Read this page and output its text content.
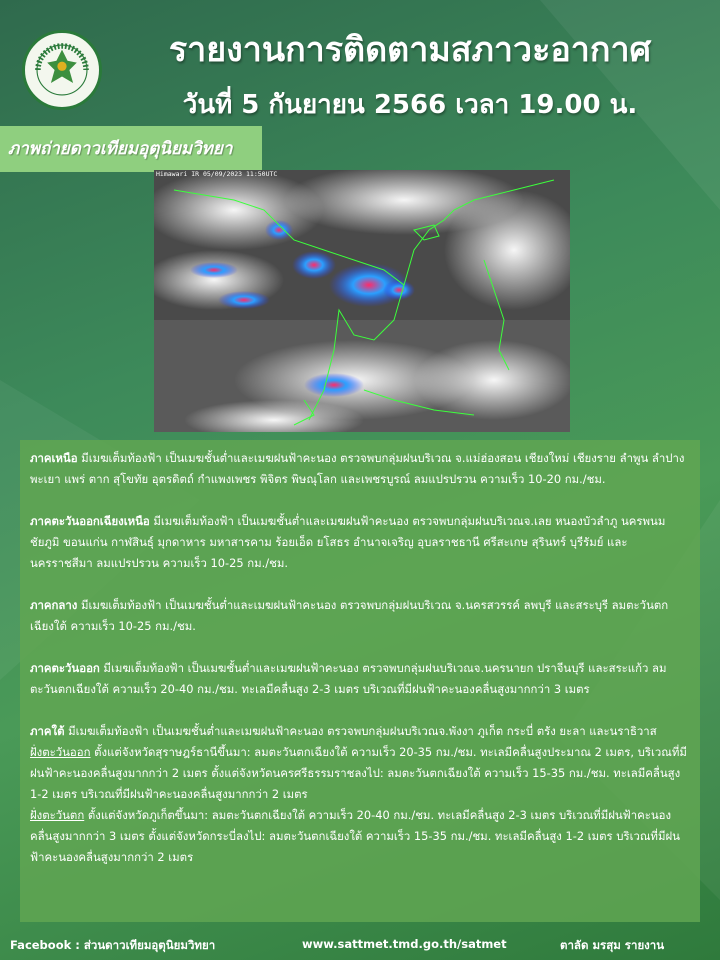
รายงานการติดตามสภาวะอากาศ
วันที่ 5 กันยายน 2566 เวลา 19.00 น.
ภาพถ่ายดาวเทียมอุตุนิยมวิทยา
Himawari IR 05/09/2023 11:50UTC

ภาคเหนือ มีเมฆเต็มท้องฟ้า เป็นเมฆชั้นต่ำและเมฆฝนฟ้าคะนอง ตรวจพบกลุ่มฝนบริเวณ จ.แม่ฮ่องสอน เชียงใหม่ เชียงราย ลำพูน ลำปาง พะเยา แพร่ ตาก สุโขทัย อุตรดิตถ์ กำแพงเพชร พิจิตร พิษณุโลก และเพชรบูรณ์ ลมแปรปรวน ความเร็ว 10-20 กม./ชม.

ภาคตะวันออกเฉียงเหนือ มีเมฆเต็มท้องฟ้า เป็นเมฆชั้นต่ำและเมฆฝนฟ้าคะนอง ตรวจพบกลุ่มฝนบริเวณจ.เลย หนองบัวลำภู นครพนม ชัยภูมิ ขอนแก่น กาฬสินธุ์ มุกดาหาร มหาสารคาม ร้อยเอ็ด ยโสธร อำนาจเจริญ อุบลราชธานี ศรีสะเกษ สุรินทร์ บุรีรัมย์ และนครราชสีมา ลมแปรปรวน ความเร็ว 10-25 กม./ชม.

ภาคกลาง มีเมฆเต็มท้องฟ้า เป็นเมฆชั้นต่ำและเมฆฝนฟ้าคะนอง ตรวจพบกลุ่มฝนบริเวณ จ.นครสวรรค์ ลพบุรี และสระบุรี ลมตะวันตกเฉียงใต้ ความเร็ว 10-25 กม./ชม.

ภาคตะวันออก มีเมฆเต็มท้องฟ้า เป็นเมฆชั้นต่ำและเมฆฝนฟ้าคะนอง ตรวจพบกลุ่มฝนบริเวณจ.นครนายก ปราจีนบุรี และสระแก้ว ลมตะวันตกเฉียงใต้ ความเร็ว 20-40 กม./ชม. ทะเลมีคลื่นสูง 2-3 เมตร บริเวณที่มีฝนฟ้าคะนองคลื่นสูงมากกว่า 3 เมตร

ภาคใต้ มีเมฆเต็มท้องฟ้า เป็นเมฆชั้นต่ำและเมฆฝนฟ้าคะนอง ตรวจพบกลุ่มฝนบริเวณจ.พังงา ภูเก็ต กระบี่ ตรัง ยะลา และนราธิวาส
ฝั่งตะวันออก ตั้งแต่จังหวัดสุราษฎร์ธานีขึ้นมา: ลมตะวันตกเฉียงใต้ ความเร็ว 20-35 กม./ชม. ทะเลมีคลื่นสูงประมาณ 2 เมตร, บริเวณที่มีฝนฟ้าคะนองคลื่นสูงมากกว่า 2 เมตร ตั้งแต่จังหวัดนครศรีธรรมราชลงไป: ลมตะวันตกเฉียงใต้ ความเร็ว 15-35 กม./ชม. ทะเลมีคลื่นสูง 1-2 เมตร บริเวณที่มีฝนฟ้าคะนองคลื่นสูงมากกว่า 2 เมตร
ฝั่งตะวันตก ตั้งแต่จังหวัดภูเก็ตขึ้นมา: ลมตะวันตกเฉียงใต้ ความเร็ว 20-40 กม./ชม. ทะเลมีคลื่นสูง 2-3 เมตร บริเวณที่มีฝนฟ้าคะนองคลื่นสูงมากกว่า 3 เมตร ตั้งแต่จังหวัดกระบี่ลงไป: ลมตะวันตกเฉียงใต้ ความเร็ว 15-35 กม./ชม. ทะเลมีคลื่นสูง 1-2 เมตร บริเวณที่มีฝนฟ้าคะนองคลื่นสูงมากกว่า 2 เมตร

Facebook : ส่วนดาวเทียมอุตุนิยมวิทยา	www.sattmet.tmd.go.th/satmet	ตาลัด มรสุม รายงาน
